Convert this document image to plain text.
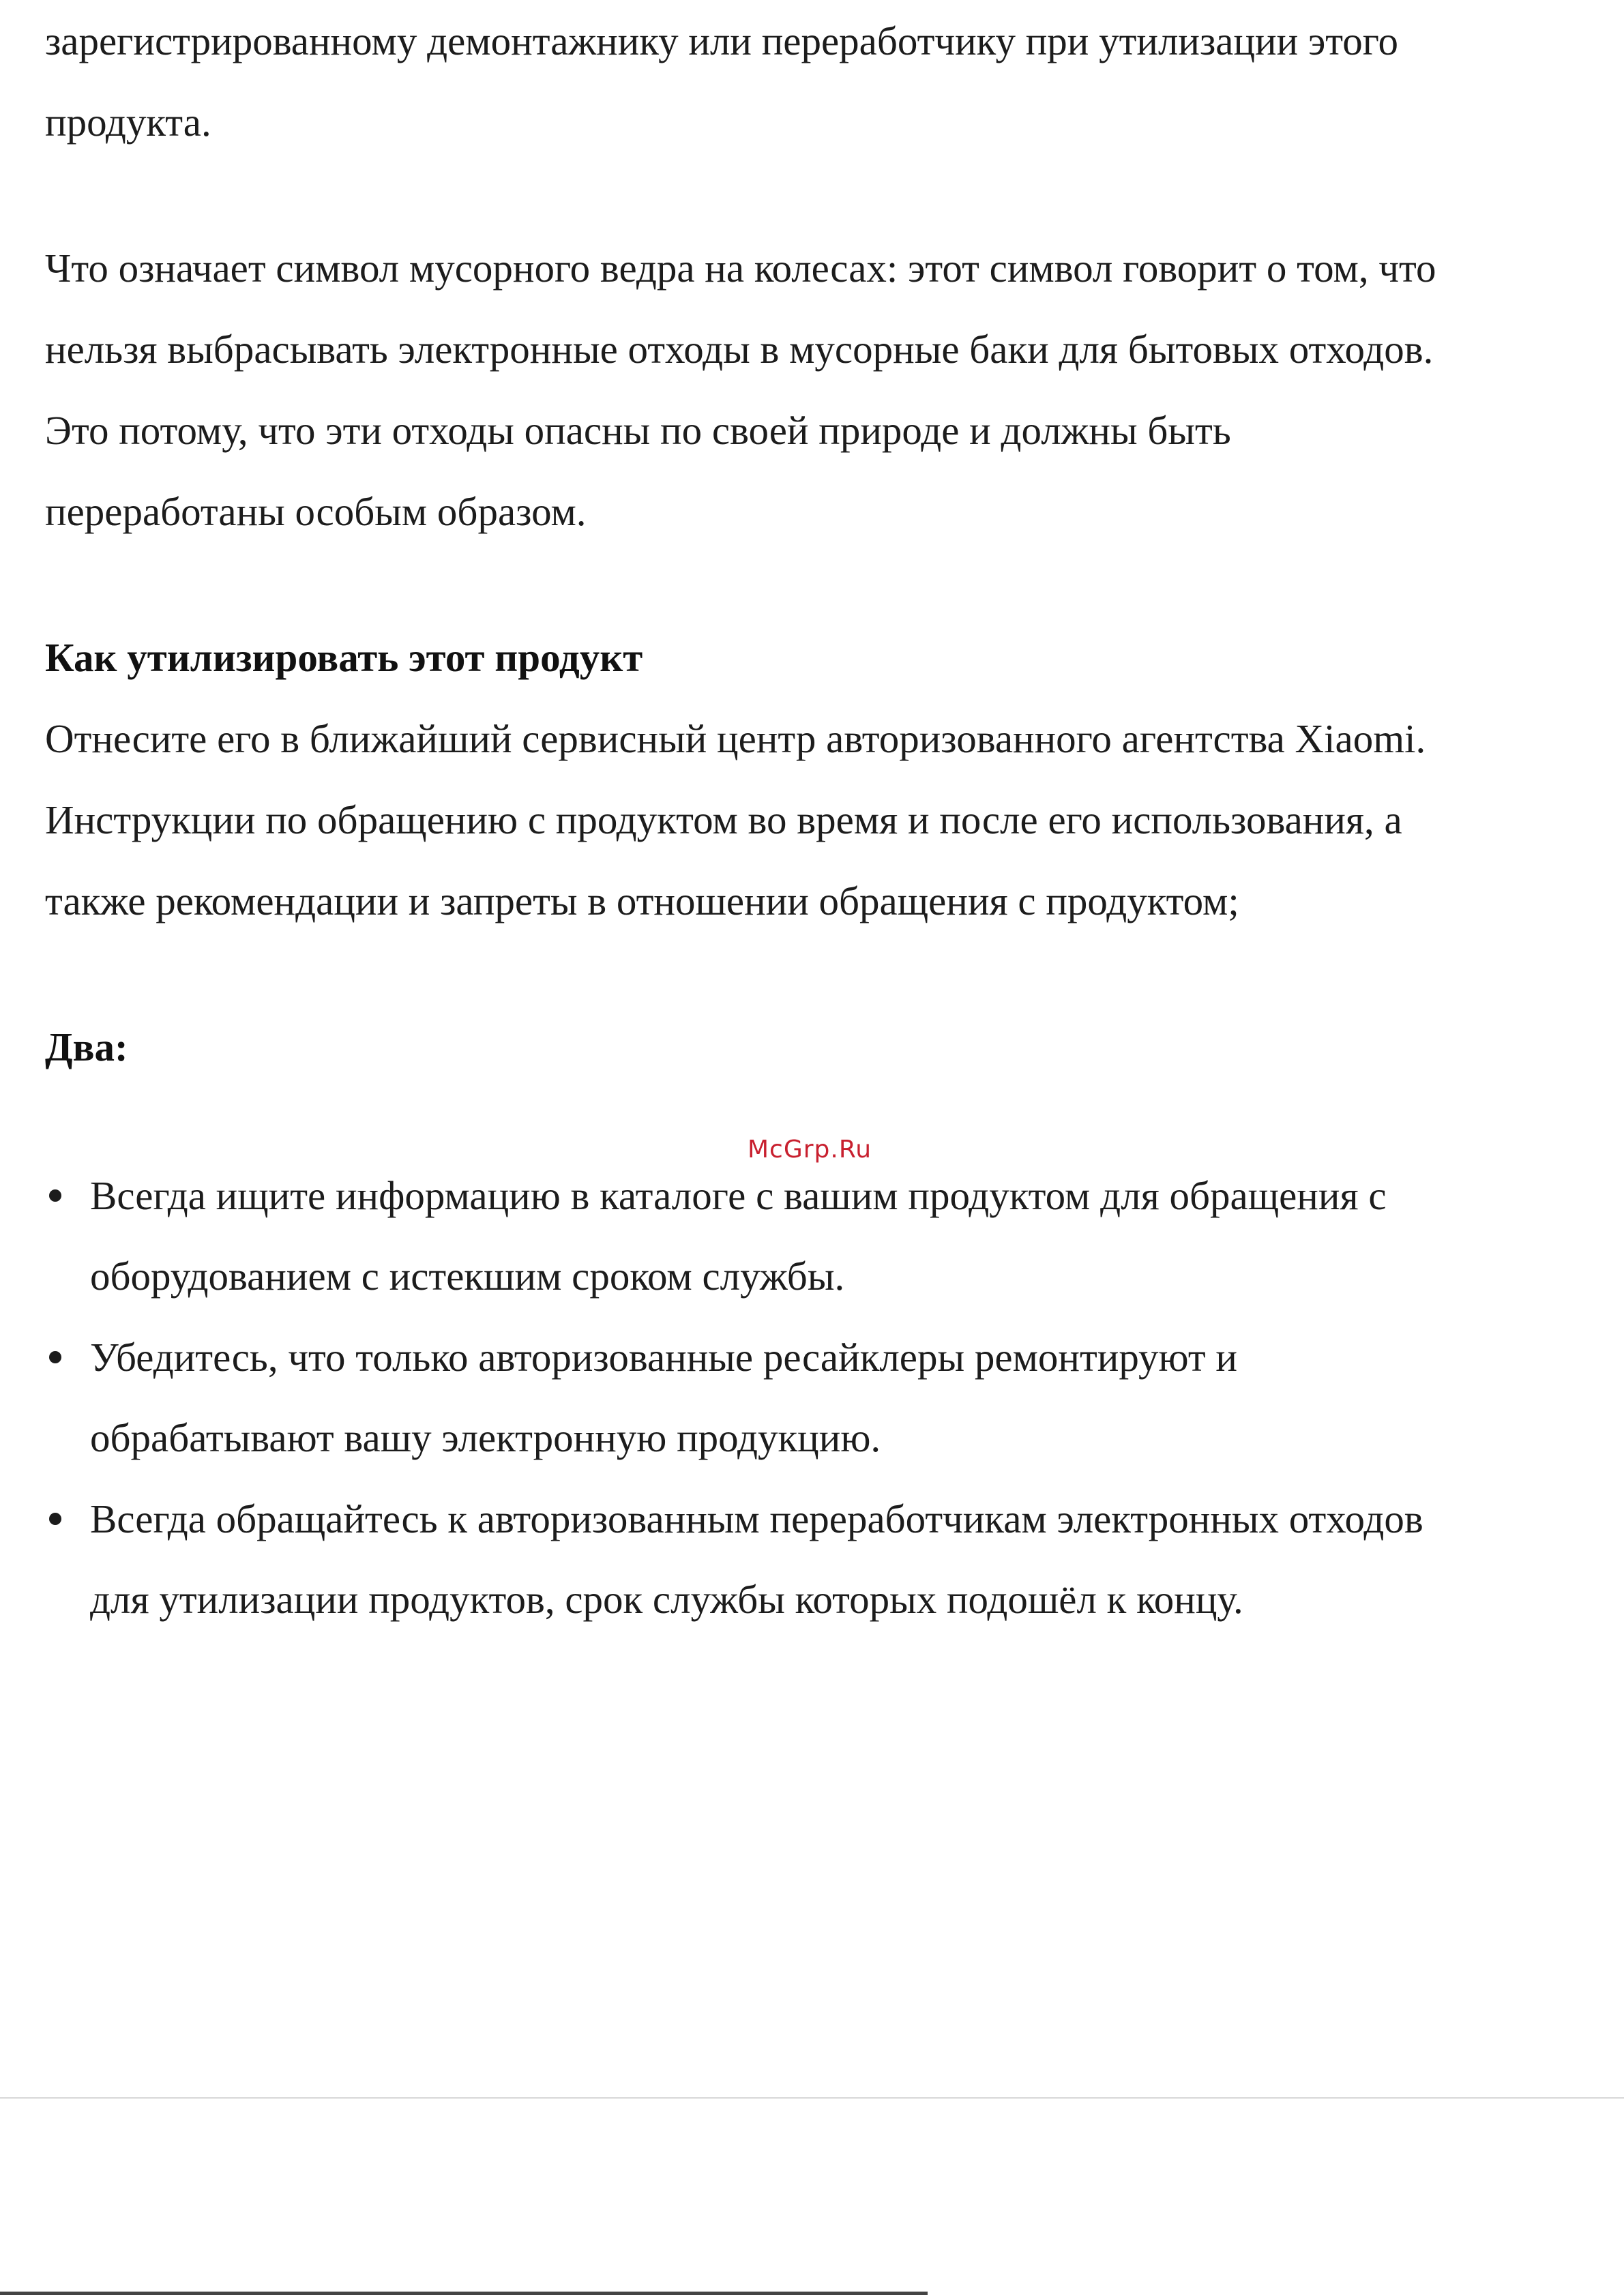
зарегистрированному демонтажнику или переработчику при утилизации этого
продукта.
Что означает символ мусорного ведра на колесах: этот символ говорит о том, что
нельзя выбрасывать электронные отходы в мусорные баки для бытовых отходов.
Это потому, что эти отходы опасны по своей природе и должны быть
переработаны особым образом.
Как утилизировать этот продукт
Отнесите его в ближайший сервисный центр авторизованного агентства Xiaomi.
Инструкции по обращению с продуктом во время и после его использования, а
также рекомендации и запреты в отношении обращения с продуктом;
Два:
Всегда ищите информацию в каталоге с вашим продуктом для обращения с
оборудованием с истекшим сроком службы.
Убедитесь, что только авторизованные ресайклеры ремонтируют и
обрабатывают вашу электронную продукцию.
Всегда обращайтесь к авторизованным переработчикам электронных отходов
для утилизации продуктов, срок службы которых подошёл к концу.
McGrp.Ru
